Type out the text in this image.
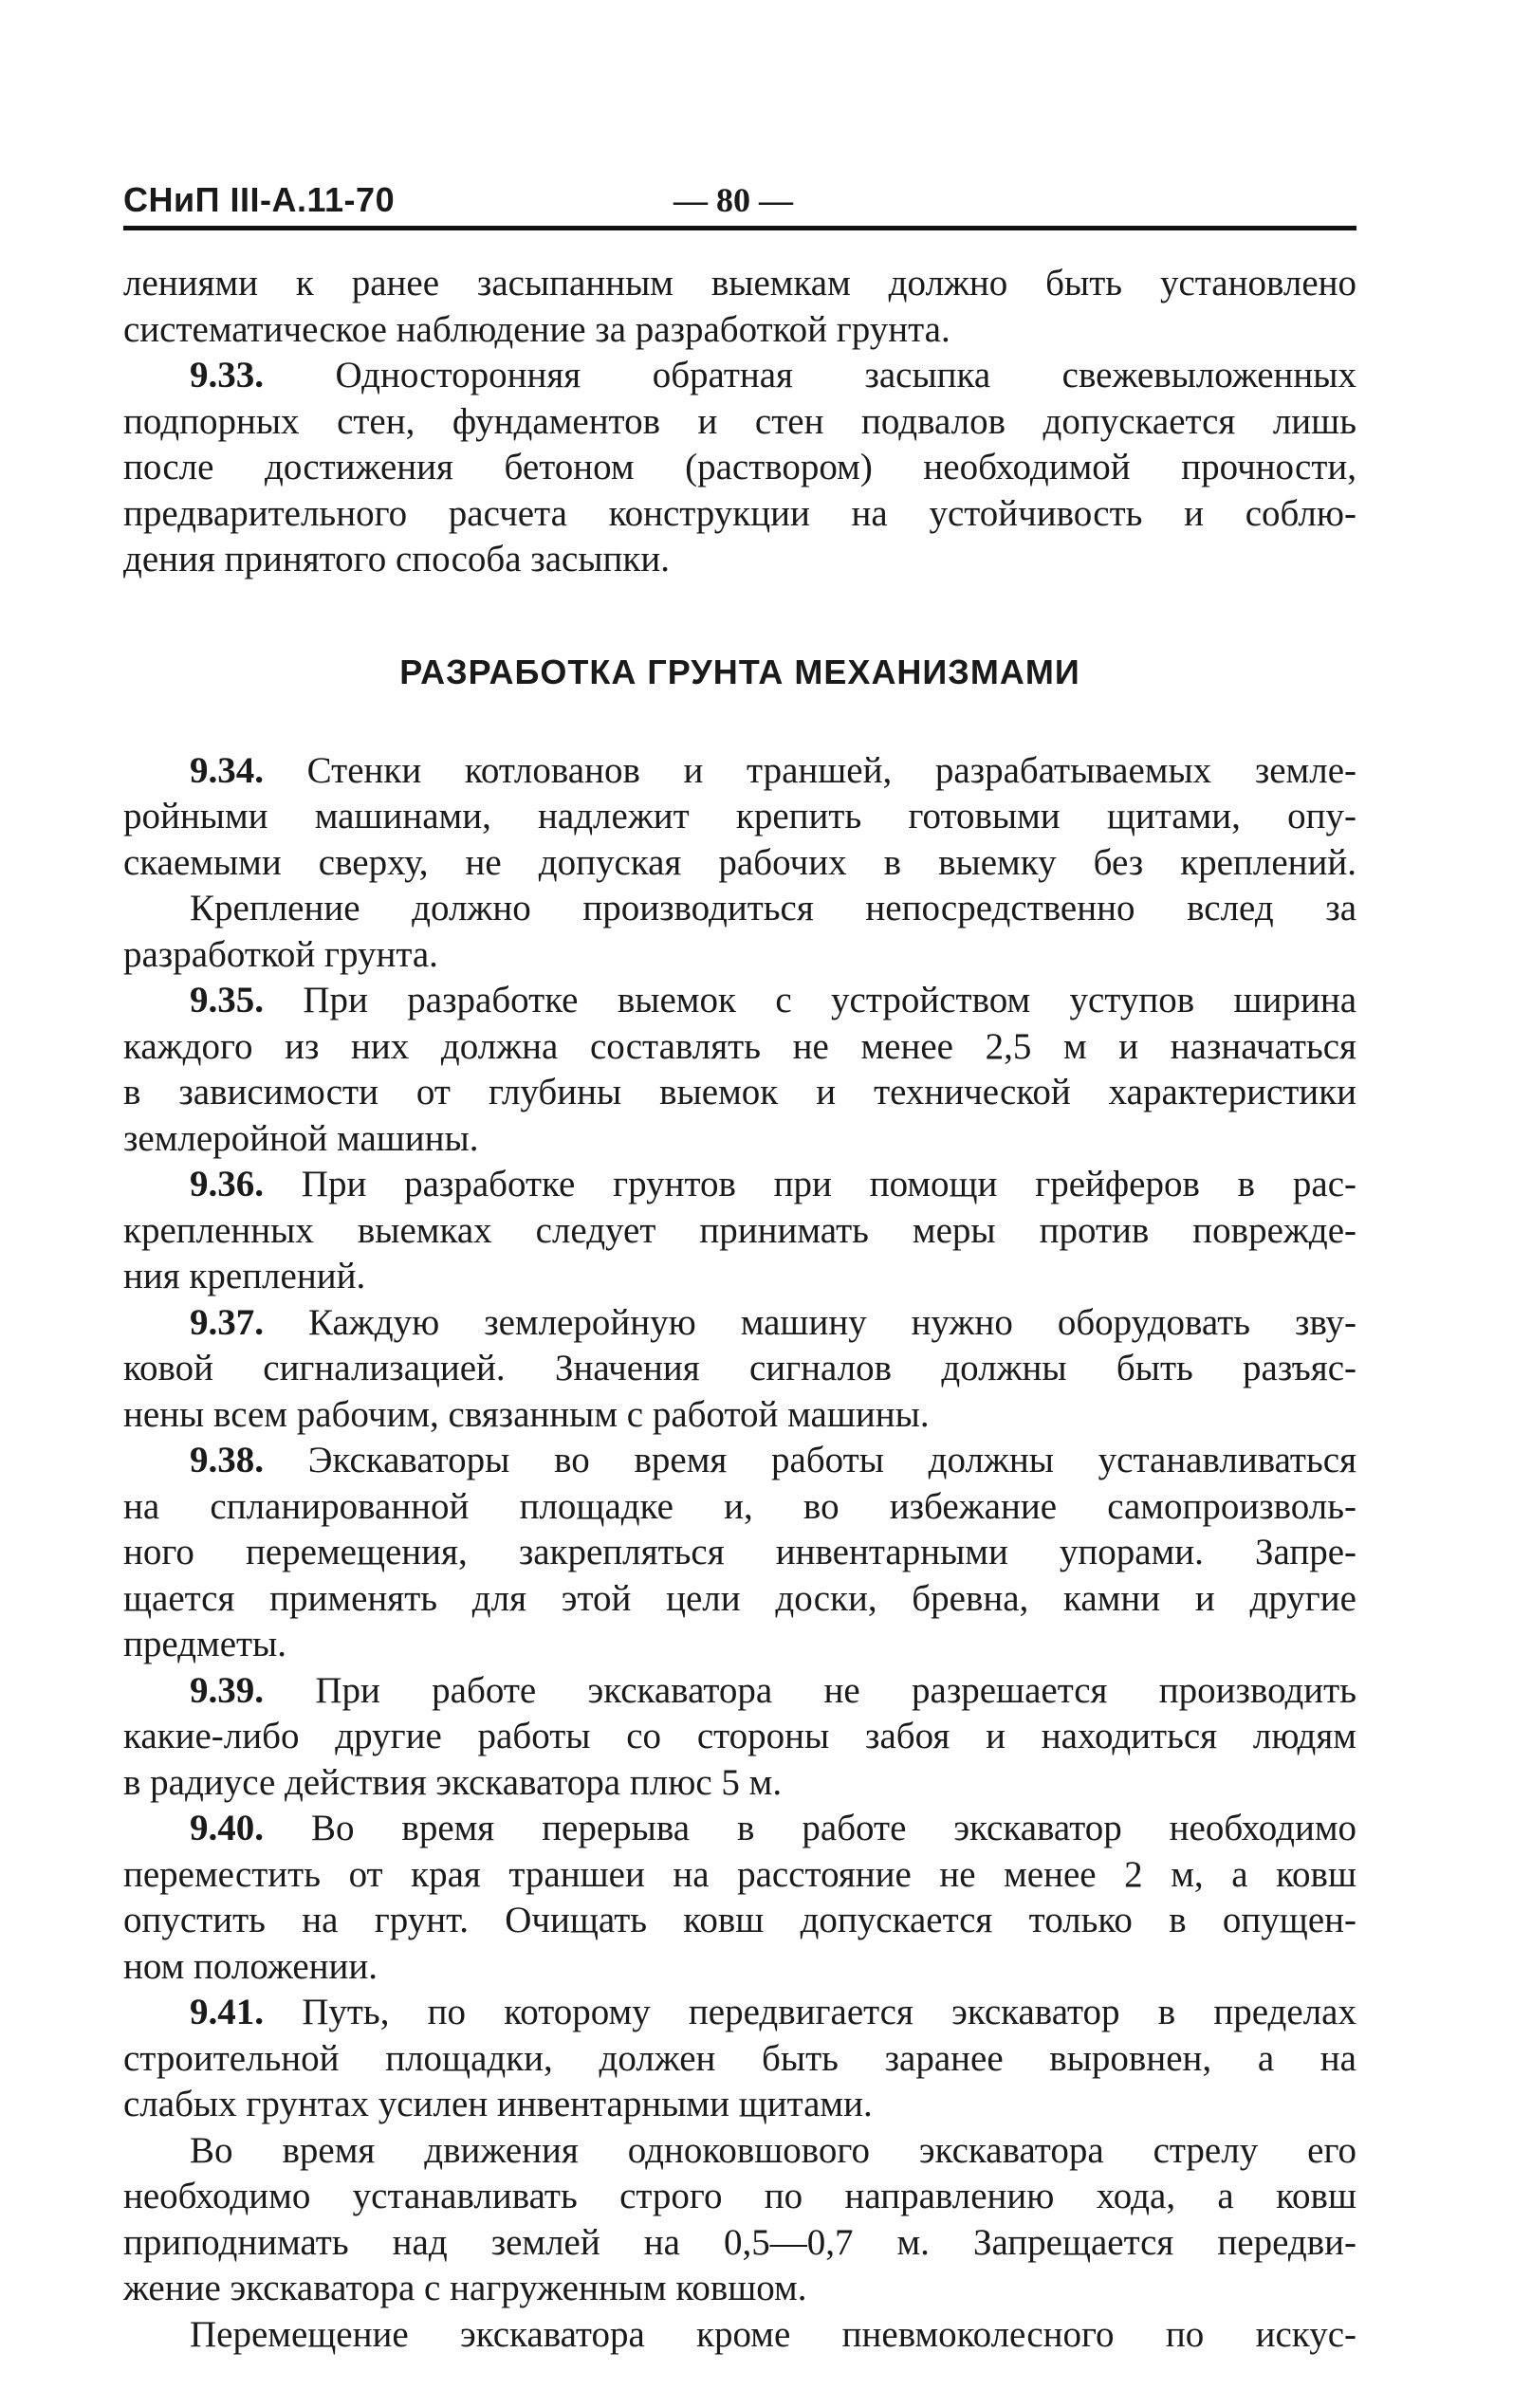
СНиП III-А.11-70	— 80 —
лениями к ранее засыпанным выемкам должно быть установлено
систематическое наблюдение за разработкой грунта.
9.33. Односторонняя обратная засыпка свежевыложенных
подпорных стен, фундаментов и стен подвалов допускается лишь
после достижения бетоном (раствором) необходимой прочности,
предварительного расчета конструкции на устойчивость и соблю-
дения принятого способа засыпки.
РАЗРАБОТКА ГРУНТА МЕХАНИЗМАМИ
9.34. Стенки котлованов и траншей, разрабатываемых земле-
ройными машинами, надлежит крепить готовыми щитами, опу-
скаемыми сверху, не допуская рабочих в выемку без креплений.
Крепление должно производиться непосредственно вслед за
разработкой грунта.
9.35. При разработке выемок с устройством уступов ширина
каждого из них должна составлять не менее 2,5 м и назначаться
в зависимости от глубины выемок и технической характеристики
землеройной машины.
9.36. При разработке грунтов при помощи грейферов в рас-
крепленных выемках следует принимать меры против поврежде-
ния креплений.
9.37. Каждую землеройную машину нужно оборудовать зву-
ковой сигнализацией. Значения сигналов должны быть разъяс-
нены всем рабочим, связанным с работой машины.
9.38. Экскаваторы во время работы должны устанавливаться
на спланированной площадке и, во избежание самопроизволь-
ного перемещения, закрепляться инвентарными упорами. Запре-
щается применять для этой цели доски, бревна, камни и другие
предметы.
9.39. При работе экскаватора не разрешается производить
какие-либо другие работы со стороны забоя и находиться людям
в радиусе действия экскаватора плюс 5 м.
9.40. Во время перерыва в работе экскаватор необходимо
переместить от края траншеи на расстояние не менее 2 м, а ковш
опустить на грунт. Очищать ковш допускается только в опущен-
ном положении.
9.41. Путь, по которому передвигается экскаватор в пределах
строительной площадки, должен быть заранее выровнен, а на
слабых грунтах усилен инвентарными щитами.
Во время движения одноковшового экскаватора стрелу его
необходимо устанавливать строго по направлению хода, а ковш
приподнимать над землей на 0,5—0,7 м. Запрещается передви-
жение экскаватора с нагруженным ковшом.
Перемещение экскаватора кроме пневмоколесного по искус-
